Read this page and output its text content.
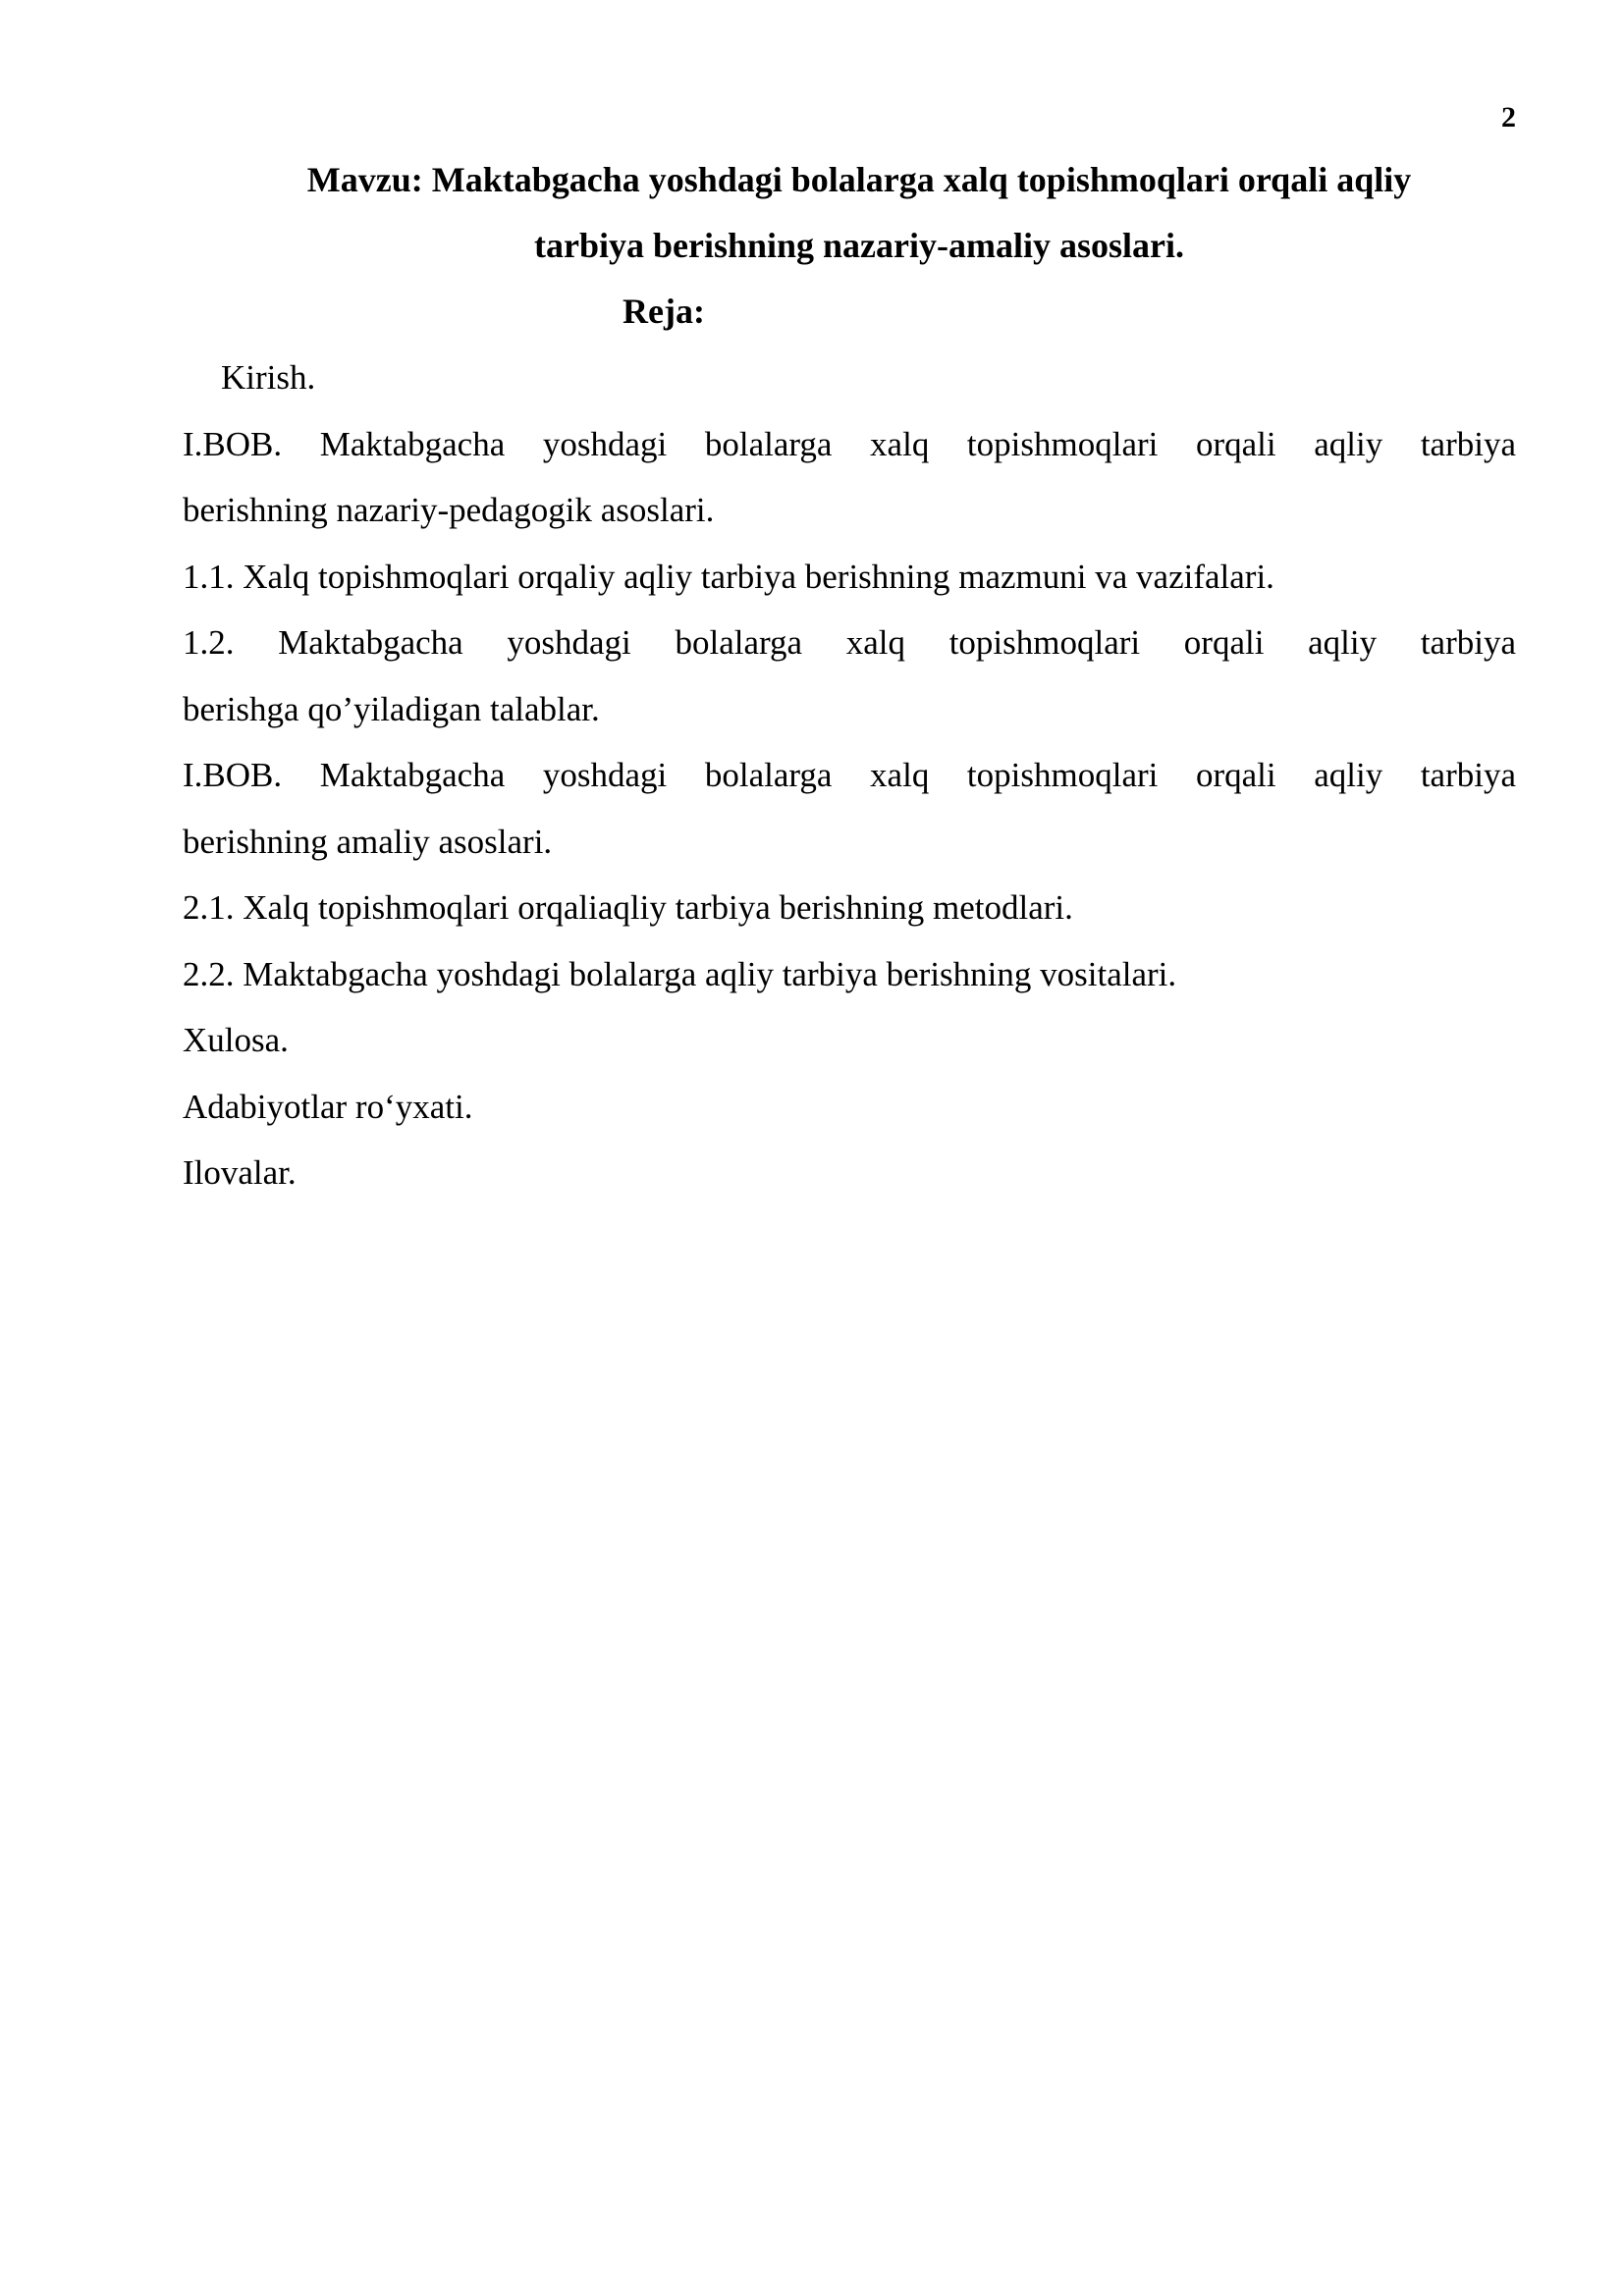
2
Mavzu: Maktabgacha yoshdagi bolalarga xalq topishmoqlari orqali aqliy
tarbiya berishning nazariy-amaliy asoslari.
Reja:
Kirish.
I.BOB. Maktabgacha yoshdagi bolalarga xalq topishmoqlari orqali aqliy tarbiya
berishning nazariy-pedagogik asoslari.
1.1. Xalq topishmoqlari orqaliy aqliy tarbiya berishning mazmuni va vazifalari.
1.2. Maktabgacha yoshdagi bolalarga xalq topishmoqlari orqali aqliy tarbiya
berishga qo’yiladigan talablar.
I.BOB. Maktabgacha yoshdagi bolalarga xalq topishmoqlari orqali aqliy tarbiya
berishning amaliy asoslari.
2.1. Xalq topishmoqlari orqaliaqliy tarbiya berishning metodlari.
2.2. Maktabgacha yoshdagi bolalarga aqliy tarbiya berishning vositalari.
Xulosa.
Adabiyotlar ro‘yxati.
Ilovalar.
